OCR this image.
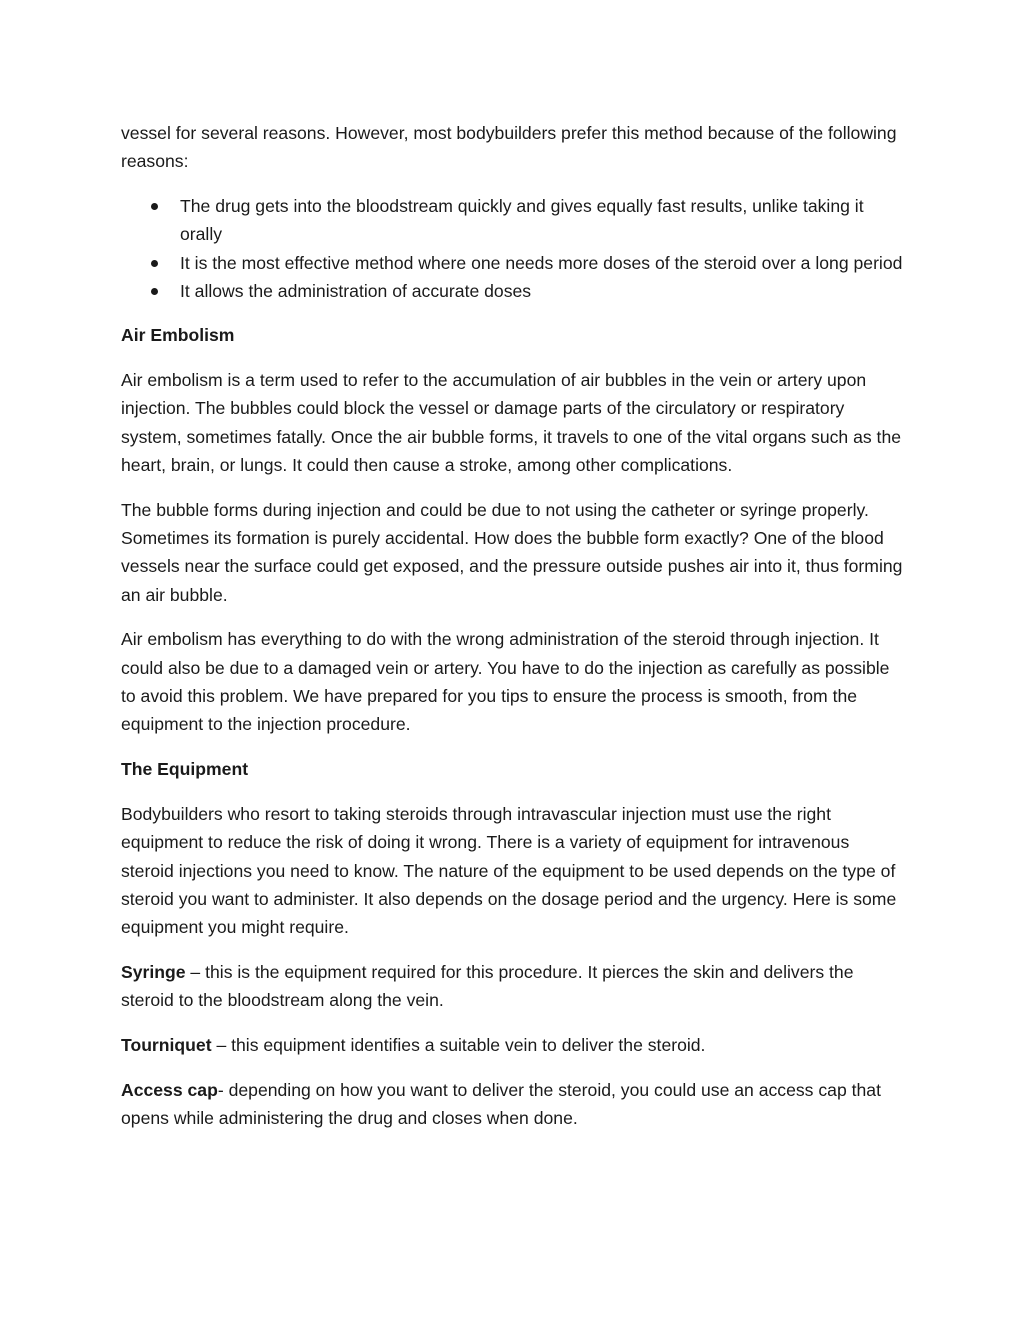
vessel for several reasons. However, most bodybuilders prefer this method because of the following reasons:

The drug gets into the bloodstream quickly and gives equally fast results, unlike taking it orally
It is the most effective method where one needs more doses of the steroid over a long period
It allows the administration of accurate doses
Air Embolism

Air embolism is a term used to refer to the accumulation of air bubbles in the vein or artery upon injection. The bubbles could block the vessel or damage parts of the circulatory or respiratory system, sometimes fatally. Once the air bubble forms, it travels to one of the vital organs such as the heart, brain, or lungs. It could then cause a stroke, among other complications.

The bubble forms during injection and could be due to not using the catheter or syringe properly. Sometimes its formation is purely accidental. How does the bubble form exactly? One of the blood vessels near the surface could get exposed, and the pressure outside pushes air into it, thus forming an air bubble.

Air embolism has everything to do with the wrong administration of the steroid through injection. It could also be due to a damaged vein or artery. You have to do the injection as carefully as possible to avoid this problem. We have prepared for you tips to ensure the process is smooth, from the equipment to the injection procedure.

The Equipment

Bodybuilders who resort to taking steroids through intravascular injection must use the right equipment to reduce the risk of doing it wrong. There is a variety of equipment for intravenous steroid injections you need to know. The nature of the equipment to be used depends on the type of steroid you want to administer. It also depends on the dosage period and the urgency. Here is some equipment you might require.

Syringe – this is the equipment required for this procedure. It pierces the skin and delivers the steroid to the bloodstream along the vein.

Tourniquet – this equipment identifies a suitable vein to deliver the steroid.

Access cap- depending on how you want to deliver the steroid, you could use an access cap that opens while administering the drug and closes when done.
